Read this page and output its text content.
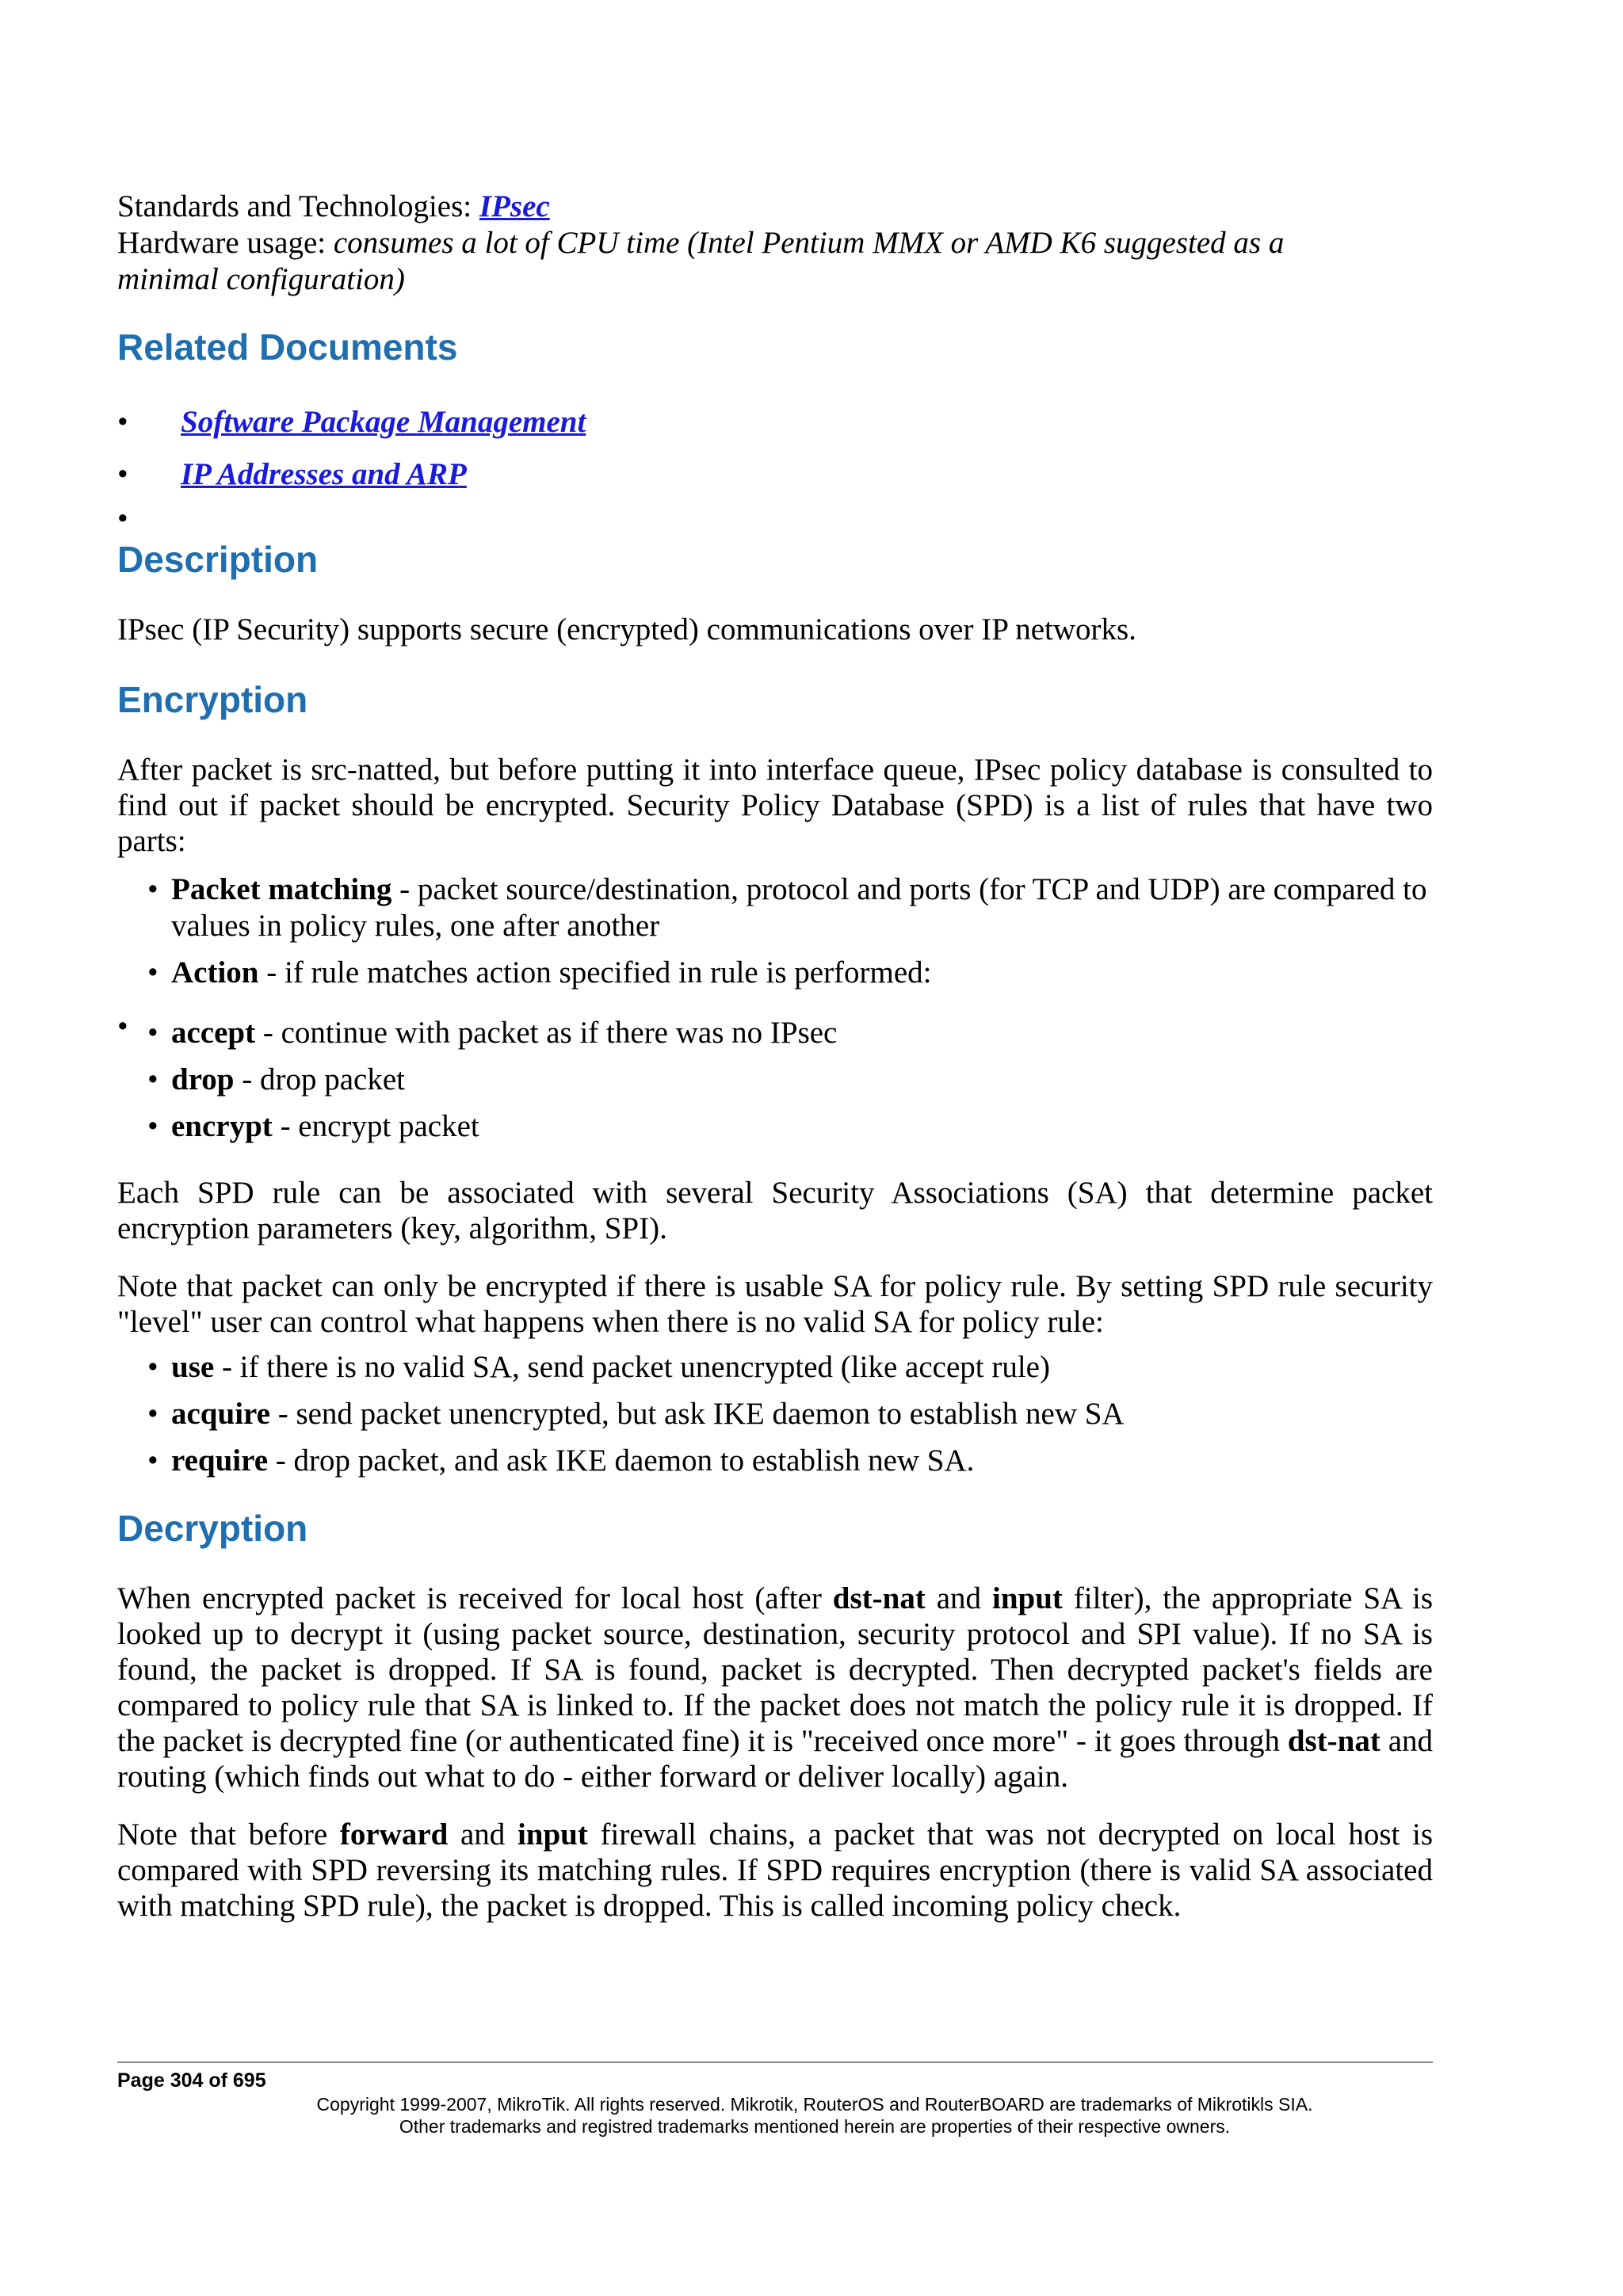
Standards and Technologies: IPsec

Hardware usage: consumes a lot of CPU time (Intel Pentium MMX or AMD K6 suggested as a

minimal configuration)

Related Documents
• Software Package Management
• IP Addresses and ARP
•
Description

IPsec (IP Security) supports secure (encrypted) communications over IP networks.

Encryption

After packet is src-natted, but before putting it into interface queue, IPsec policy database is consulted to find out if packet should be encrypted. Security Policy Database (SPD) is a list of rules that have two parts:

• Packet matching - packet source/destination, protocol and ports (for TCP and UDP) are compared to values in policy rules, one after another
• Action - if rule matches action specified in rule is performed:
• • accept - continue with packet as if there was no IPsec
• drop - drop packet
• encrypt - encrypt packet

Each SPD rule can be associated with several Security Associations (SA) that determine packet encryption parameters (key, algorithm, SPI).

Note that packet can only be encrypted if there is usable SA for policy rule. By setting SPD rule security "level" user can control what happens when there is no valid SA for policy rule:

• use - if there is no valid SA, send packet unencrypted (like accept rule)
• acquire - send packet unencrypted, but ask IKE daemon to establish new SA
• require - drop packet, and ask IKE daemon to establish new SA.
Decryption

When encrypted packet is received for local host (after dst-nat and input filter), the appropriate SA is looked up to decrypt it (using packet source, destination, security protocol and SPI value). If no SA is found, the packet is dropped. If SA is found, packet is decrypted. Then decrypted packet's fields are compared to policy rule that SA is linked to. If the packet does not match the policy rule it is dropped. If the packet is decrypted fine (or authenticated fine) it is "received once more" - it goes through dst-nat and routing (which finds out what to do - either forward or deliver locally) again.

Note that before forward and input firewall chains, a packet that was not decrypted on local host is compared with SPD reversing its matching rules. If SPD requires encryption (there is valid SA associated with matching SPD rule), the packet is dropped. This is called incoming policy check.

Page 304 of 695
Copyright 1999-2007, MikroTik. All rights reserved. Mikrotik, RouterOS and RouterBOARD are trademarks of Mikrotikls SIA.
Other trademarks and registred trademarks mentioned herein are properties of their respective owners.
